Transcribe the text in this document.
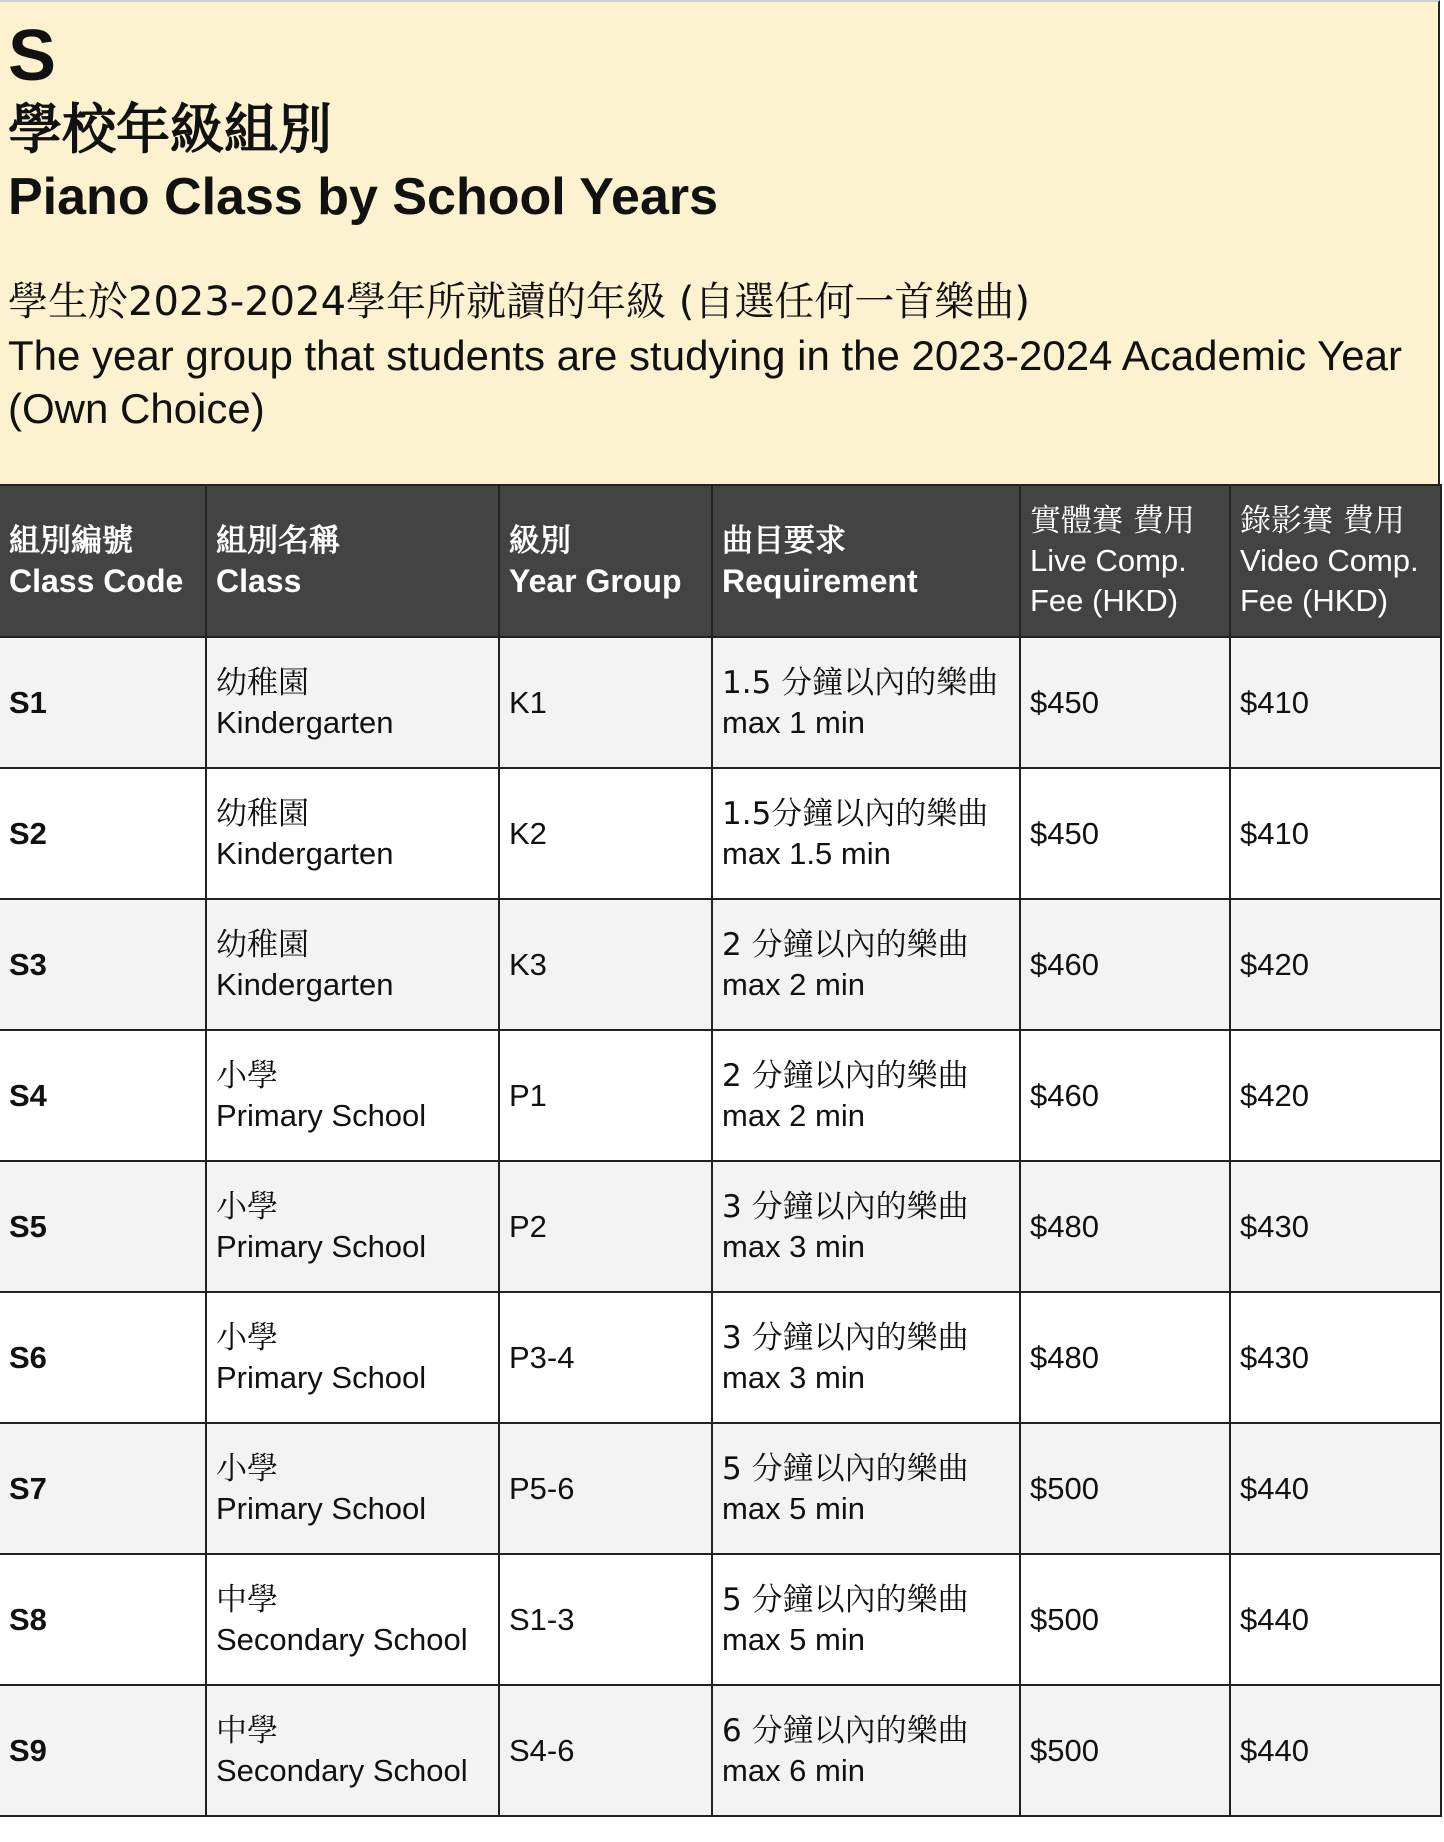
S
學校年級組別
Piano Class by School Years
學生於2023-2024學年所就讀的年級 (自選任何一首樂曲)
The year group that students are studying in the 2023-2024 Academic Year (Own Choice)
組別編號
Class Code	組別名稱
Class	級別
Year Group	曲目要求
Requirement	實體賽 費用
Live Comp.
Fee (HKD)	錄影賽 費用
Video Comp.
Fee (HKD)

S1	幼稚園
Kindergarten	K1	1.5 分鐘以內的樂曲
max 1 min	$450	$410
S2	幼稚園
Kindergarten	K2	1.5分鐘以內的樂曲
max 1.5 min	$450	$410
S3	幼稚園
Kindergarten	K3	2 分鐘以內的樂曲
max 2 min	$460	$420
S4	小學
Primary School	P1	2 分鐘以內的樂曲
max 2 min	$460	$420
S5	小學
Primary School	P2	3 分鐘以內的樂曲
max 3 min	$480	$430
S6	小學
Primary School	P3-4	3 分鐘以內的樂曲
max 3 min	$480	$430
S7	小學
Primary School	P5-6	5 分鐘以內的樂曲
max 5 min	$500	$440
S8	中學
Secondary School	S1-3	5 分鐘以內的樂曲
max 5 min	$500	$440
S9	中學
Secondary School	S4-6	6 分鐘以內的樂曲
max 6 min	$500	$440
